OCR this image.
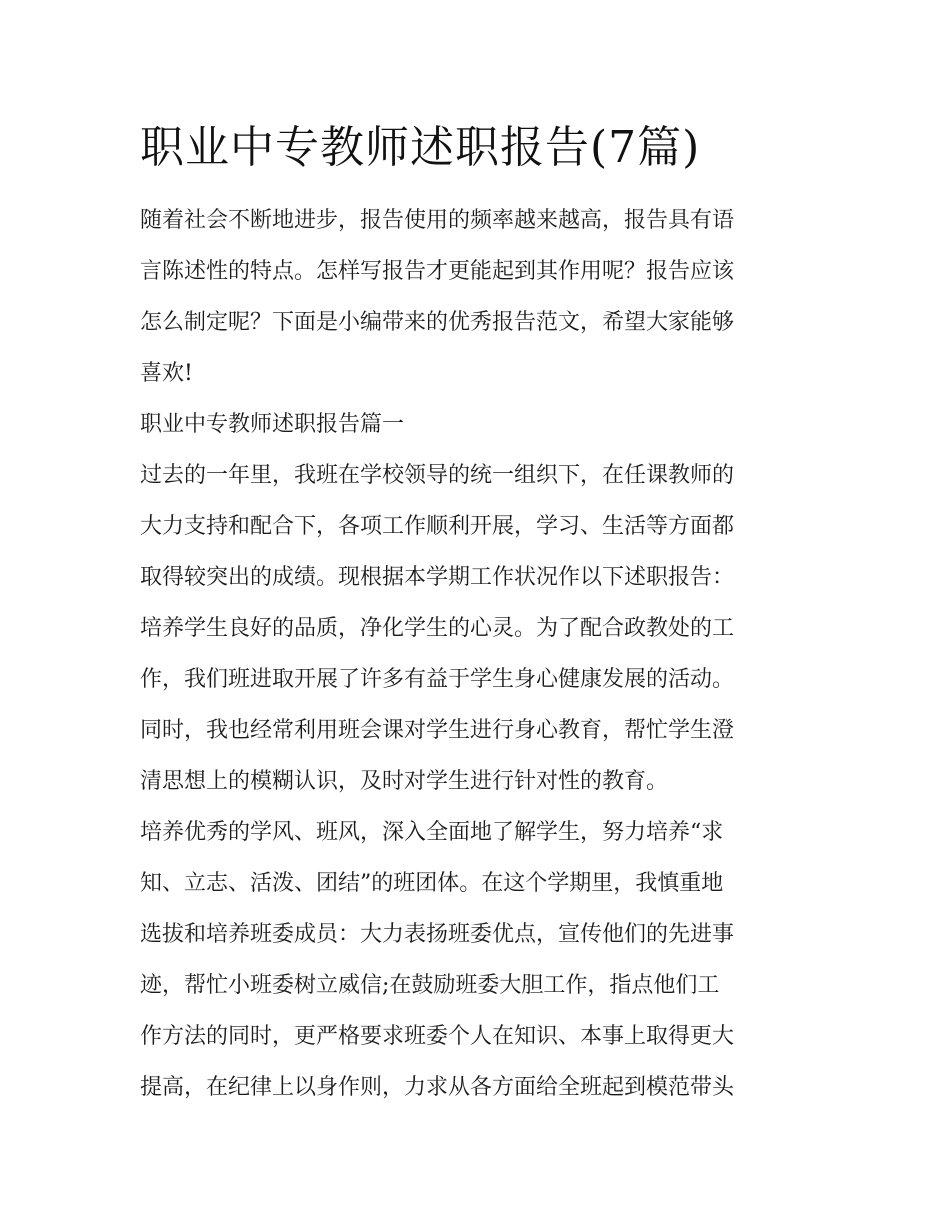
职业中专教师述职报告(7篇)

随着社会不断地进步，报告使用的频率越来越高，报告具有语

言陈述性的特点。怎样写报告才更能起到其作用呢？报告应该

怎么制定呢？下面是小编带来的优秀报告范文，希望大家能够

喜欢!

职业中专教师述职报告篇一

过去的一年里，我班在学校领导的统一组织下，在任课教师的

大力支持和配合下，各项工作顺利开展，学习、生活等方面都

取得较突出的成绩。现根据本学期工作状况作以下述职报告：

培养学生良好的品质，净化学生的心灵。为了配合政教处的工

作，我们班进取开展了许多有益于学生身心健康发展的活动。

同时，我也经常利用班会课对学生进行身心教育，帮忙学生澄

清思想上的模糊认识，及时对学生进行针对性的教育。

培养优秀的学风、班风，深入全面地了解学生，努力培养“求

知、立志、活泼、团结”的班团体。在这个学期里，我慎重地

选拔和培养班委成员：大力表扬班委优点，宣传他们的先进事

迹，帮忙小班委树立威信;在鼓励班委大胆工作，指点他们工

作方法的同时，更严格要求班委个人在知识、本事上取得更大

提高，在纪律上以身作则，力求从各方面给全班起到模范带头
